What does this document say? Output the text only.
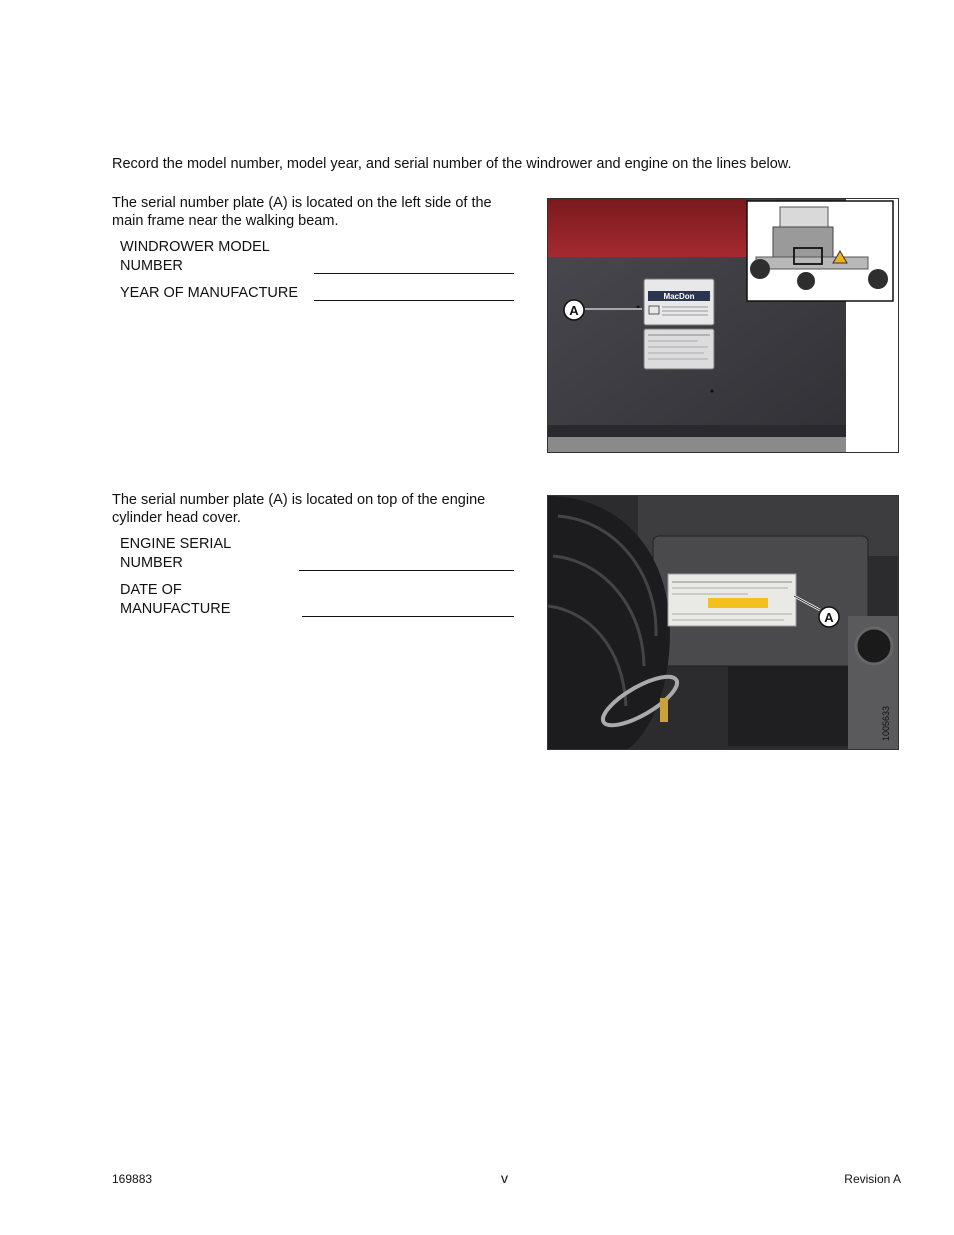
Record the model number, model year, and serial number of the windrower and engine on the lines below.

The serial number plate (A) is located on the left side of the main frame near the walking beam.

WINDROWER MODEL
NUMBER
YEAR OF MANUFACTURE	MacDon
A

The serial number plate (A) is located on top of the engine cylinder head cover.

ENGINE SERIAL
NUMBER
DATE OF
MANUFACTURE
A
1005633
169883	v	Revision A
